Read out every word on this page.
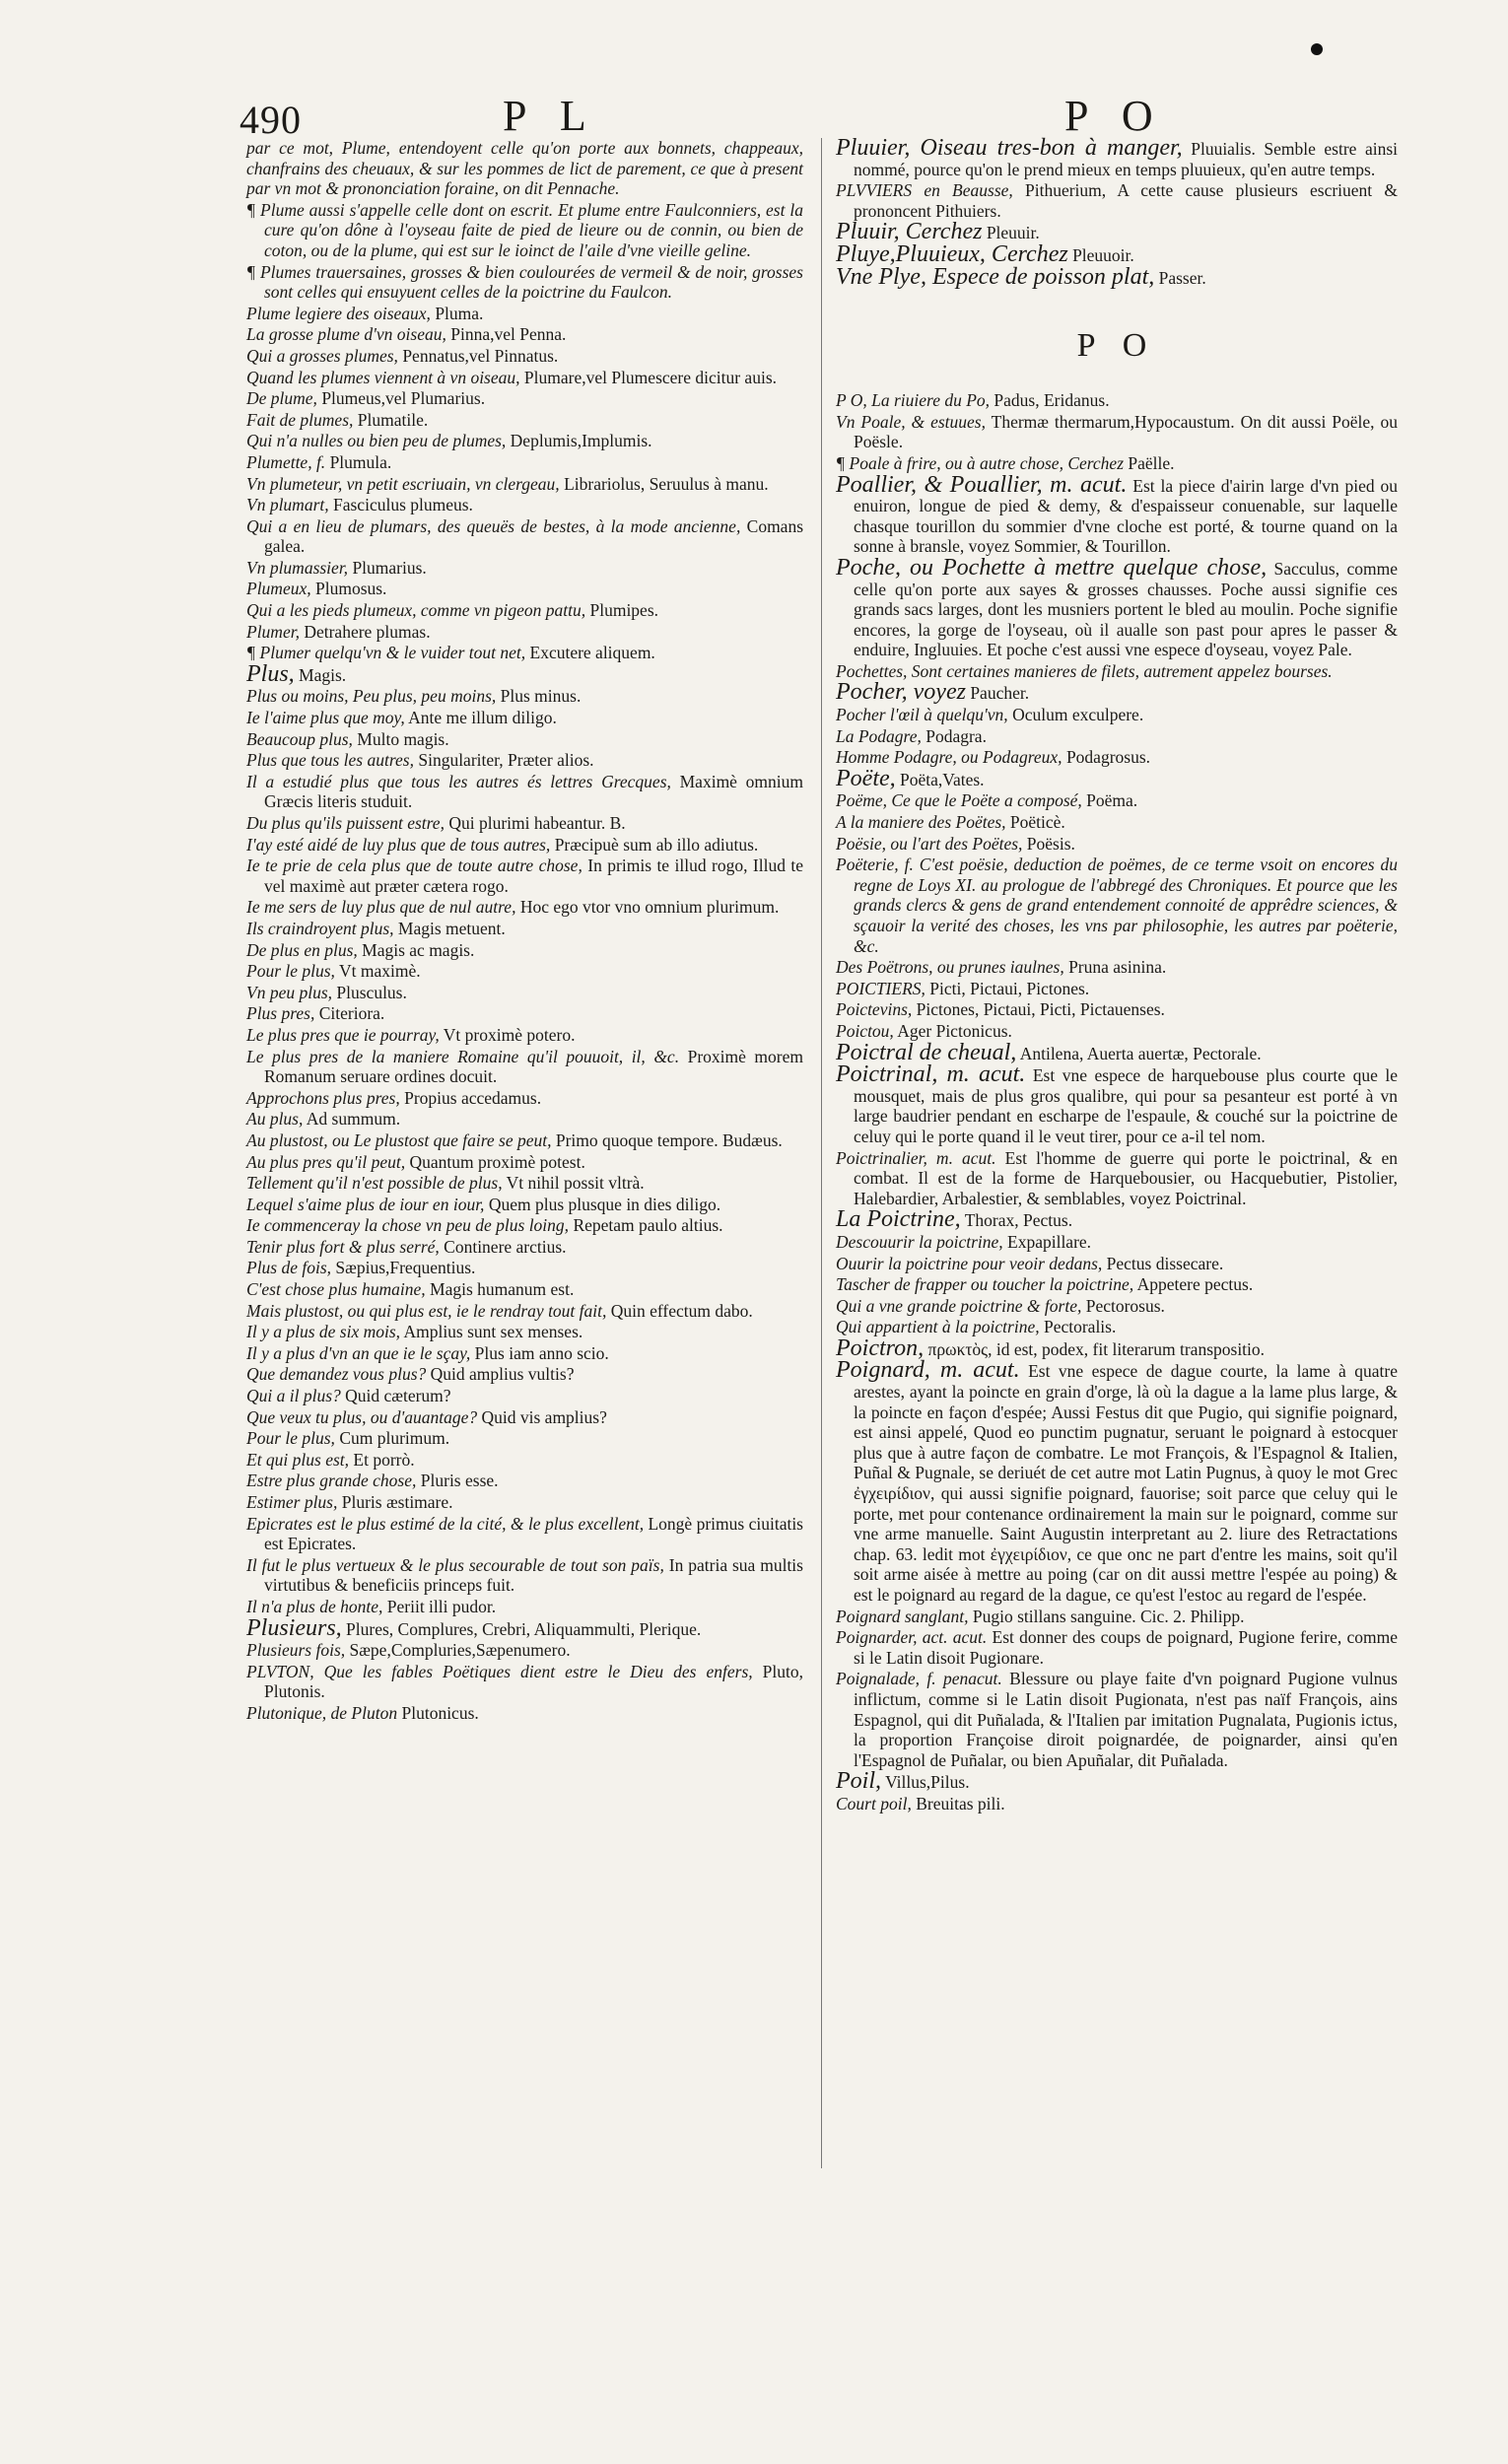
490	P L	P O

par ce mot, Plume, entendoyent celle qu'on porte aux bonnets, chappeaux, chanfrains des cheuaux, & sur les pommes de lict de parement, ce que à present par vn mot & prononciation foraine, on dit Pennache.

¶ Plume aussi s'appelle celle dont on escrit. Et plume entre Faulconniers, est la cure qu'on dône à l'oyseau faite de pied de lieure ou de connin, ou bien de coton, ou de la plume, qui est sur le ioinct de l'aile d'vne vieille geline.

¶ Plumes trauersaines, grosses & bien coulourées de vermeil & de noir, grosses sont celles qui ensuyuent celles de la poictrine du Faulcon.

Plume legiere des oiseaux, Pluma.

La grosse plume d'vn oiseau, Pinna,vel Penna.

Qui a grosses plumes, Pennatus,vel Pinnatus.

Quand les plumes viennent à vn oiseau, Plumare,vel Plumescere dicitur auis.

De plume, Plumeus,vel Plumarius.

Fait de plumes, Plumatile.

Qui n'a nulles ou bien peu de plumes, Deplumis,Implumis.

Plumette, f. Plumula.

Vn plumeteur, vn petit escriuain, vn clergeau, Librariolus, Seruulus à manu.

Vn plumart, Fasciculus plumeus.

Qui a en lieu de plumars, des queuës de bestes, à la mode ancienne, Comans galea.

Vn plumassier, Plumarius.

Plumeux, Plumosus.

Qui a les pieds plumeux, comme vn pigeon pattu, Plumipes.

Plumer, Detrahere plumas.

¶ Plumer quelqu'vn & le vuider tout net, Excutere aliquem.

Plus, Magis.

Plus ou moins, Peu plus, peu moins, Plus minus.

Ie l'aime plus que moy, Ante me illum diligo.

Beaucoup plus, Multo magis.

Plus que tous les autres, Singulariter, Præter alios.

Il a estudié plus que tous les autres és lettres Grecques, Maximè omnium Græcis literis studuit.

Du plus qu'ils puissent estre, Qui plurimi habeantur. B.

I'ay esté aidé de luy plus que de tous autres, Præcipuè sum ab illo adiutus.

Ie te prie de cela plus que de toute autre chose, In primis te illud rogo, Illud te vel maximè aut præter cætera rogo.

Ie me sers de luy plus que de nul autre, Hoc ego vtor vno omnium plurimum.

Ils craindroyent plus, Magis metuent.

De plus en plus, Magis ac magis.

Pour le plus, Vt maximè.

Vn peu plus, Plusculus.

Plus pres, Citeriora.

Le plus pres que ie pourray, Vt proximè potero.

Le plus pres de la maniere Romaine qu'il pouuoit, il, &c. Proximè morem Romanum seruare ordines docuit.

Approchons plus pres, Propius accedamus.

Au plus, Ad summum.

Au plustost, ou Le plustost que faire se peut, Primo quoque tempore. Budæus.

Au plus pres qu'il peut, Quantum proximè potest.

Tellement qu'il n'est possible de plus, Vt nihil possit vltrà.

Lequel s'aime plus de iour en iour, Quem plus plusque in dies diligo.

Ie commenceray la chose vn peu de plus loing, Repetam paulo altius.

Tenir plus fort & plus serré, Continere arctius.

Plus de fois, Sæpius,Frequentius.

C'est chose plus humaine, Magis humanum est.

Mais plustost, ou qui plus est, ie le rendray tout fait, Quin effectum dabo.

Il y a plus de six mois, Amplius sunt sex menses.

Il y a plus d'vn an que ie le sçay, Plus iam anno scio.

Que demandez vous plus? Quid amplius vultis?

Qui a il plus? Quid cæterum?

Que veux tu plus, ou d'auantage? Quid vis amplius?

Pour le plus, Cum plurimum.

Et qui plus est, Et porrò.

Estre plus grande chose, Pluris esse.

Estimer plus, Pluris æstimare.

Epicrates est le plus estimé de la cité, & le plus excellent, Longè primus ciuitatis est Epicrates.

Il fut le plus vertueux & le plus secourable de tout son païs, In patria sua multis virtutibus & beneficiis princeps fuit.

Il n'a plus de honte, Periit illi pudor.

Plusieurs, Plures, Complures, Crebri, Aliquammulti, Plerique.

Plusieurs fois, Sæpe,Compluries,Sæpenumero.

PLVTON, Que les fables Poëtiques dient estre le Dieu des enfers, Pluto, Plutonis.

Plutonique, de Pluton Plutonicus.

Pluuier, Oiseau tres-bon à manger, Pluuialis. Semble estre ainsi nommé, pource qu'on le prend mieux en temps pluuieux, qu'en autre temps.

PLVVIERS en Beausse, Pithuerium, A cette cause plusieurs escriuent & prononcent Pithuiers.

Pluuir, Cerchez Pleuuir.

Pluye,Pluuieux, Cerchez Pleuuoir.

Vne Plye, Espece de poisson plat, Passer.

P O

P O, La riuiere du Po, Padus, Eridanus.

Vn Poale, & estuues, Thermæ thermarum,Hypocaustum. On dit aussi Poële, ou Poësle.

¶ Poale à frire, ou à autre chose, Cerchez Paëlle.

Poallier, & Pouallier, m. acut. Est la piece d'airin large d'vn pied ou enuiron, longue de pied & demy, & d'espaisseur conuenable, sur laquelle chasque tourillon du sommier d'vne cloche est porté, & tourne quand on la sonne à bransle, voyez Sommier, & Tourillon.

Poche, ou Pochette à mettre quelque chose, Sacculus, comme celle qu'on porte aux sayes & grosses chausses. Poche aussi signifie ces grands sacs larges, dont les musniers portent le bled au moulin. Poche signifie encores, la gorge de l'oyseau, où il aualle son past pour apres le passer & enduire, Ingluuies. Et poche c'est aussi vne espece d'oyseau, voyez Pale.

Pochettes, Sont certaines manieres de filets, autrement appelez bourses.

Pocher, voyez Paucher.

Pocher l'œil à quelqu'vn, Oculum exculpere.

La Podagre, Podagra.

Homme Podagre, ou Podagreux, Podagrosus.

Poëte, Poëta,Vates.

Poëme, Ce que le Poëte a composé, Poëma.

A la maniere des Poëtes, Poëticè.

Poësie, ou l'art des Poëtes, Poësis.

Poëterie, f. C'est poësie, deduction de poëmes, de ce terme vsoit on encores du regne de Loys XI. au prologue de l'abbregé des Chroniques. Et pource que les grands clercs & gens de grand entendement connoité de apprêdre sciences, & sçauoir la verité des choses, les vns par philosophie, les autres par poëterie, &c.

Des Poëtrons, ou prunes iaulnes, Pruna asinina.

POICTIERS, Picti, Pictaui, Pictones.

Poictevins, Pictones, Pictaui, Picti, Pictauenses.

Poictou, Ager Pictonicus.

Poictral de cheual, Antilena, Auerta auertæ, Pectorale.

Poictrinal, m. acut. Est vne espece de harquebouse plus courte que le mousquet, mais de plus gros qualibre, qui pour sa pesanteur est porté à vn large baudrier pendant en escharpe de l'espaule, & couché sur la poictrine de celuy qui le porte quand il le veut tirer, pour ce a-il tel nom.

Poictrinalier, m. acut. Est l'homme de guerre qui porte le poictrinal, & en combat. Il est de la forme de Harquebousier, ou Hacquebutier, Pistolier, Halebardier, Arbalestier, & semblables, voyez Poictrinal.

La Poictrine, Thorax, Pectus.

Descouurir la poictrine, Expapillare.

Ouurir la poictrine pour veoir dedans, Pectus dissecare.

Tascher de frapper ou toucher la poictrine, Appetere pectus.

Qui a vne grande poictrine & forte, Pectorosus.

Qui appartient à la poictrine, Pectoralis.

Poictron, πρωκτὸς, id est, podex, fit literarum transpositio.

Poignard, m. acut. Est vne espece de dague courte, la lame à quatre arestes, ayant la poincte en grain d'orge, là où la dague a la lame plus large, & la poincte en façon d'espée; Aussi Festus dit que Pugio, qui signifie poignard, est ainsi appelé, Quod eo punctim pugnatur, seruant le poignard à estocquer plus que à autre façon de combatre. Le mot François, & l'Espagnol & Italien, Puñal & Pugnale, se deriuét de cet autre mot Latin Pugnus, à quoy le mot Grec ἐγχειρίδιον, qui aussi signifie poignard, fauorise; soit parce que celuy qui le porte, met pour contenance ordinairement la main sur le poignard, comme sur vne arme manuelle. Saint Augustin interpretant au 2. liure des Retractations chap. 63. ledit mot ἐγχειρίδιον, ce que onc ne part d'entre les mains, soit qu'il soit arme aisée à mettre au poing (car on dit aussi mettre l'espée au poing) & est le poignard au regard de la dague, ce qu'est l'estoc au regard de l'espée.

Poignard sanglant, Pugio stillans sanguine. Cic. 2. Philipp.

Poignarder, act. acut. Est donner des coups de poignard, Pugione ferire, comme si le Latin disoit Pugionare.

Poignalade, f. penacut. Blessure ou playe faite d'vn poignard Pugione vulnus inflictum, comme si le Latin disoit Pugionata, n'est pas naïf François, ains Espagnol, qui dit Puñalada, & l'Italien par imitation Pugnalata, Pugionis ictus, la proportion Françoise diroit poignardée, de poignarder, ainsi qu'en l'Espagnol de Puñalar, ou bien Apuñalar, dit Puñalada.

Poil, Villus,Pilus.

Court poil, Breuitas pili.
